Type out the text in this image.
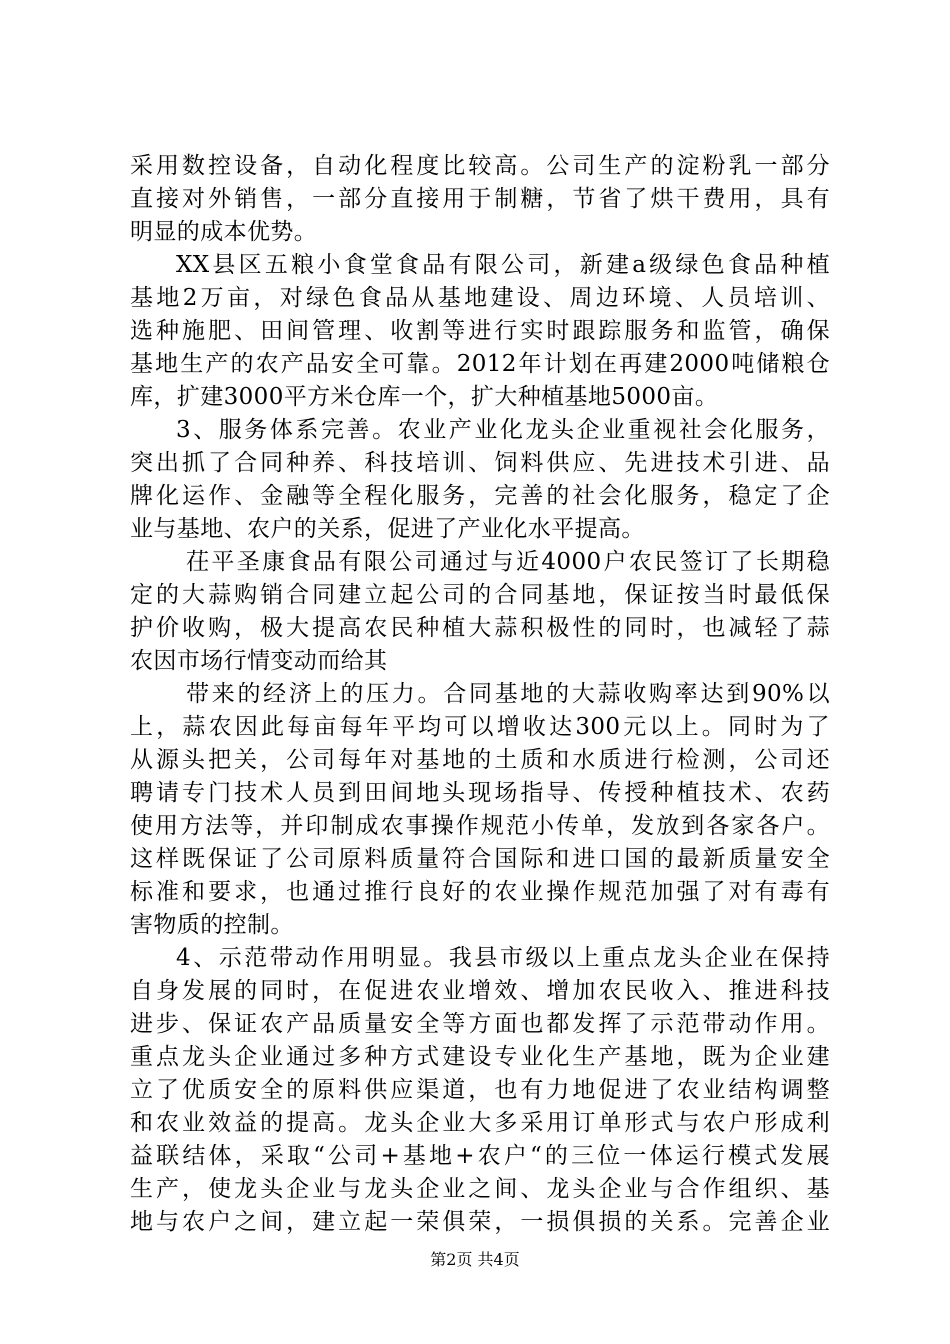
采用数控设备，自动化程度比较高。公司生产的淀粉乳一部分
直接对外销售，一部分直接用于制糖，节省了烘干费用，具有
明显的成本优势。
XX县区五粮小食堂食品有限公司，新建a级绿色食品种植
基地2万亩，对绿色食品从基地建设、周边环境、人员培训、
选种施肥、田间管理、收割等进行实时跟踪服务和监管，确保
基地生产的农产品安全可靠。2012年计划在再建2000吨储粮仓
库，扩建3000平方米仓库一个，扩大种植基地5000亩。
3、服务体系完善。农业产业化龙头企业重视社会化服务，
突出抓了合同种养、科技培训、饲料供应、先进技术引进、品
牌化运作、金融等全程化服务，完善的社会化服务，稳定了企
业与基地、农户的关系，促进了产业化水平提高。
茌平圣康食品有限公司通过与近4000户农民签订了长期稳
定的大蒜购销合同建立起公司的合同基地，保证按当时最低保
护价收购，极大提高农民种植大蒜积极性的同时，也减轻了蒜
农因市场行情变动而给其
带来的经济上的压力。合同基地的大蒜收购率达到90%以
上，蒜农因此每亩每年平均可以增收达300元以上。同时为了
从源头把关，公司每年对基地的土质和水质进行检测，公司还
聘请专门技术人员到田间地头现场指导、传授种植技术、农药
使用方法等，并印制成农事操作规范小传单，发放到各家各户。
这样既保证了公司原料质量符合国际和进口国的最新质量安全
标准和要求，也通过推行良好的农业操作规范加强了对有毒有
害物质的控制。
4、示范带动作用明显。我县市级以上重点龙头企业在保持
自身发展的同时，在促进农业增效、增加农民收入、推进科技
进步、保证农产品质量安全等方面也都发挥了示范带动作用。
重点龙头企业通过多种方式建设专业化生产基地，既为企业建
立了优质安全的原料供应渠道，也有力地促进了农业结构调整
和农业效益的提高。龙头企业大多采用订单形式与农户形成利
益联结体，采取“公司+基地+农户“的三位一体运行模式发展
生产，使龙头企业与龙头企业之间、龙头企业与合作组织、基
地与农户之间，建立起一荣俱荣，一损俱损的关系。完善企业
第2页 共4页
